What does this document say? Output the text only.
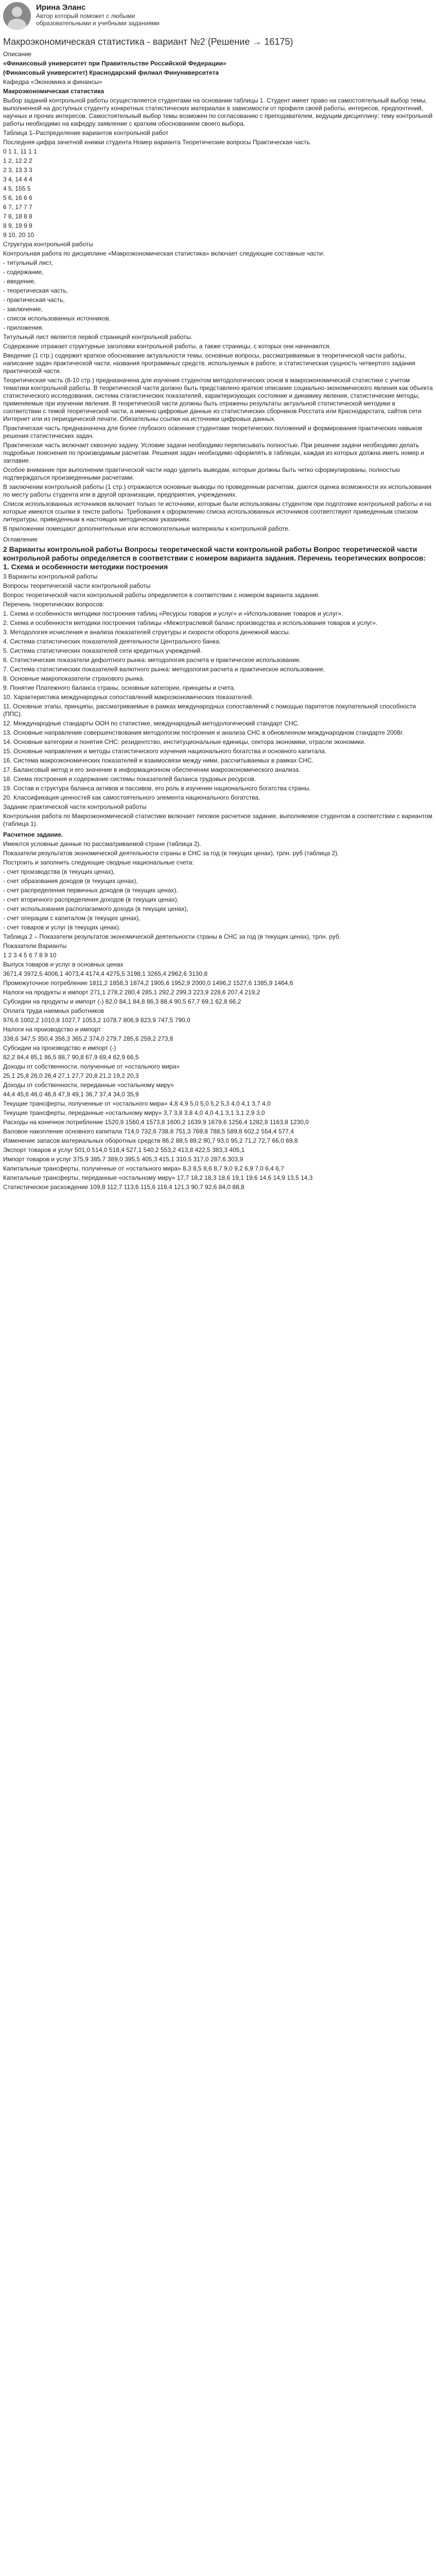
Ирина Эланс
Автор который поможет с любыми образовательными и учебными заданиями
Макроэкономическая статистика - вариант №2 (Решение → 16175)

Описание

«Финансовый университет при Правительстве Российской Федерации»

(Финансовый университет) Краснодарский филиал Финуниверситета

Кафедра «Экономика и финансы»

Макроэкономическая статистика

Выбор заданий контрольной работы осуществляется студентами на основании таблицы 1. Студент имеет право на самостоятельный выбор темы, выполненной на доступных студенту конкретных статистических материалах в зависимости от профиля своей работы, интересов, предпочтений, научных и прочих интересов. Самостоятельный выбор темы возможен по согласованию с преподавателем, ведущим дисциплину; тему контрольной работы необходимо на кафедру заявление с кратким обоснованием своего выбора.

Таблица 1–Распределение вариантов контрольной работ

Последняя цифра зачетной книжки студента Номер варианта Теоретические вопросы Практическая часть

0 1 1, 11 1 1

1 2, 12 2 2

2 3, 13 3 3

3 4, 14 4 4

4 5, 155 5

5 6, 16 6 6

6 7, 17 7 7

7 8, 18 8 8

8 9, 19 9 9

9 10, 20 10

Структура контрольной работы

Контрольная работа по дисциплине «Макроэкономическая статистика» включает следующие составные части:

- титульный лист,

- содержание,

- введение,

- теоретическая часть,

- практическая часть,

- заключение,

- список использованных источников,

- приложения.

Титульный лист является первой страницей контрольной работы.

Содержание отражает структурные заголовки контрольной работы, а также страницы, с которых они начинаются.

Введение (1 стр.) содержит краткое обоснование актуальности темы, основные вопросы, рассматриваемые в теоретической части работы, написание задач практической части, названия программных средств, используемых в работе, и статистическая сущность четвертого задания практической части.

Теоретическая часть (8-10 стр.) предназначена для изучения студентом методологических основ в макроэкономической статистике с учетом тематики контрольной работы. В теоретической части должно быть представлено краткое описание социально-экономического явления как объекта статистического исследования, система статистических показателей, характеризующих состояние и динамику явления, статистические методы, применяемые при изучении явления. В теоретической части должны быть отражены результаты актуальной статистической методики в соответствии с темой теоретической части, а именно цифровые данные из статистических сборников Росстата или Краснодарстата, сайтов сети Интернет или из периодической печати. Обязательны ссылки на источники цифровых данных.

Практическая часть предназначена для более глубокого освоения студентами теоретических положений и формирования практических навыков решения статистических задач.

Практическая часть включает сквозную задачу. Условие задачи необходимо переписывать полностью. При решении задачи необходимо делать подробные пояснения по производимым расчетам. Решения задач необходимо оформлять в таблицах, каждая из которых должна иметь номер и заглавие.

Особое внимание при выполнении практической части надо уделить выводам, которые должны быть четко сформулированы, полностью подтверждаться произведенными расчетами.

В заключении контрольной работы (1 стр.) отражаются основные выводы по проведенным расчетам, даются оценка возможности их использования по месту работы студента или в другой организации, предприятия, учреждениях.

Список использованных источников включает только те источники, которые были использованы студентом при подготовке контрольной работы и на которые имеются ссылки в тексте работы. Требования к оформлению списка использованных источников соответствуют приведенным списком литературы, приведенным в настоящих методических указаниях.

В приложении помещают дополнительные или вспомогательные материалы к контрольной работе.

Оглавление

2 Варианты контрольной работы Вопросы теоретической части контрольной работы Вопрос теоретической части контрольной работы определяется в соответствии с номером варианта задания. Перечень теоретических вопросов: 1. Схема и особенности методики построения

3 Варианты контрольной работы

Вопросы теоретической части контрольной работы

Вопрос теоретической части контрольной работы определяется в соответствии с номером варианта задания.

Перечень теоретических вопросов:

1. Схема и особенности методики построения таблиц «Ресурсы товаров и услуг» и «Использование товаров и услуг».

2. Схема и особенности методики построения таблицы «Межотраслевой баланс производства и использования товаров и услуг».

3. Методология исчисления и анализа показателей структуры и скорости оборота денежной массы.

4. Система статистических показателей деятельности Центрального банка.

5. Система статистических показателей сети кредитных учреждений.

6. Статистические показатели дефолтного рынка: методология расчета и практическое использование.

7. Система статистических показателей валютного рынка: методология расчета и практическое использование.

8. Основные макропоказатели страхового рынка.

9. Понятие Платежного баланса страны, основные категории, принципы и счета.

10. Характеристика международных сопоставлений макроэкономических показателей.

11. Основные этапы, принципы, рассматриваемые в рамках международных сопоставлений с помощью паритетов покупательной способности (ППС).

12. Международные стандарты ООН по статистике, международный методологический стандарт СНС.

13. Основные направления совершенствования методологии построения и анализа СНС в обновленном международном стандарте 2008г.

14. Основные категории и понятия СНС: резидентство, институциональные единицы, сектора экономики, отрасли экономики.

15. Основные направления и методы статистического изучения национального богатства и основного капитала.

16. Система макроэкономических показателей и взаимосвязи между ними, рассчитываемых в рамках СНС.

17. Балансовый метод и его значение в информационном обеспечении макроэкономического анализа.

18. Схема построения и содержание системы показателей баланса трудовых ресурсов.

19. Состав и структура баланса активов и пассивов, его роль в изучении национального богатства страны.

20. Классификация ценностей как самостоятельного элемента национального богатства.

Задание практической части контрольной работы

Контрольная работа по Макроэкономической статистике включает типовое расчетное задание, выполняемое студентом в соответствии с вариантом (таблица 1).

Расчетное задание.

Имеются условные данные по рассматриваемой стране (таблица 2).

Показатели результатов экономической деятельности страны в СНС за год (в текущих ценах), трлн. руб (таблица 2).

Построить и заполнить следующие сводные национальные счета:

- счет производства (в текущих ценах),

- счет образования доходов (в текущих ценах),

- счет распределения первичных доходов (в текущих ценах),

- счет вторичного распределения доходов (в текущих ценах),

- счет использования располагаемого дохода (в текущих ценах),

- счет операции с капиталом (в текущих ценах),

- счет товаров и услуг (в текущих ценах).

Таблица 2 – Показатели результатов экономической деятельности страны в СНС за год (в текущих ценах), трлн. руб.

Показатели Варианты

1 2 3 4 5 6 7 8 9 10

Выпуск товаров и услуг в основных ценах

3671,4 3972,5 4006,1 4073,4 4174,4 4275,5 3198,1 3265,4 2962,6 3130,8

Промежуточное потребление 1811,2 1858,3 1874,2 1905,6 1952,9 2000,0 1496,2 1527,6 1385,9 1464,6

Налоги на продукты и импорт 271,1 278,2 280,4 285,1 292,2 299,3 223,9 228,6 207,4 219,2

Субсидии на продукты и импорт (-) 82,0 84,1 84,8 86,3 88,4 90,5 67,7 69,1 62,8 66,2

Оплата труда наемных работников

976,6 1002,2 1010,8 1027,7 1053,2 1078,7 806,9 823,9 747,5 790,0

Налоги на производство и импорт

338,6 347,5 350,4 356,3 365,2 374,0 279,7 285,6 259,2 273,8

Субсидии на производство и импорт (-)

82,2 84,4 85,1 86,5 88,7 90,8 67,9 69,4 62,9 66,5

Доходы от собственности, полученные от «остального мира»

25,1 25,8 26,0 26,4 27,1 27,7 20,8 21,2 19,2 20,3

Доходы от собственности, переданные «остальному миру»

44,4 45,6 46,0 46,8 47,9 49,1 36,7 37,4 34,0 35,9

Текущие трансферты, полученные от «остального мира» 4,8 4,9 5,0 5,0 5,2 5,3 4,0 4,1 3,7 4,0

Текущие трансферты, переданные «остальному миру» 3,7 3,8 3,8 4,0 4,0 4,1 3,1 3,1 2,9 3,0

Расходы на конечное потребление 1520,9 1560,4 1573,8 1600,2 1639,9 1679,6 1256,4 1282,8 1163,8 1230,0

Валовое накопление основного капитала 714,0 732,6 738,8 751,3 769,8 788,5 589,8 602,2 554,4 577,4

Изменение запасов материальных оборотных средств 86,2 88,5 89,2 90,7 93,0 95,2 71,2 72,7 66,0 69,8

Экспорт товаров и услуг 501,0 514,0 518,4 527,1 540,2 553,2 413,8 422,5 383,3 405,1

Импорт товаров и услуг 375,9 385,7 389,0 395,5 405,3 415,1 310,5 317,0 287,6 303,9

Капитальные трансферты, полученные от «остального мира» 8,3 8,5 8,6 8,7 9,0 9,2 6,9 7,0 6,4 6,7

Капитальные трансферты, переданные «остальному миру» 17,7 18,2 18,3 18,6 19,1 19,6 14,6 14,9 13,5 14,3

Статистическое расхождение 109,8 112,7 113,6 115,6 118,4 121,3 90,7 92,6 84,0 88,8
